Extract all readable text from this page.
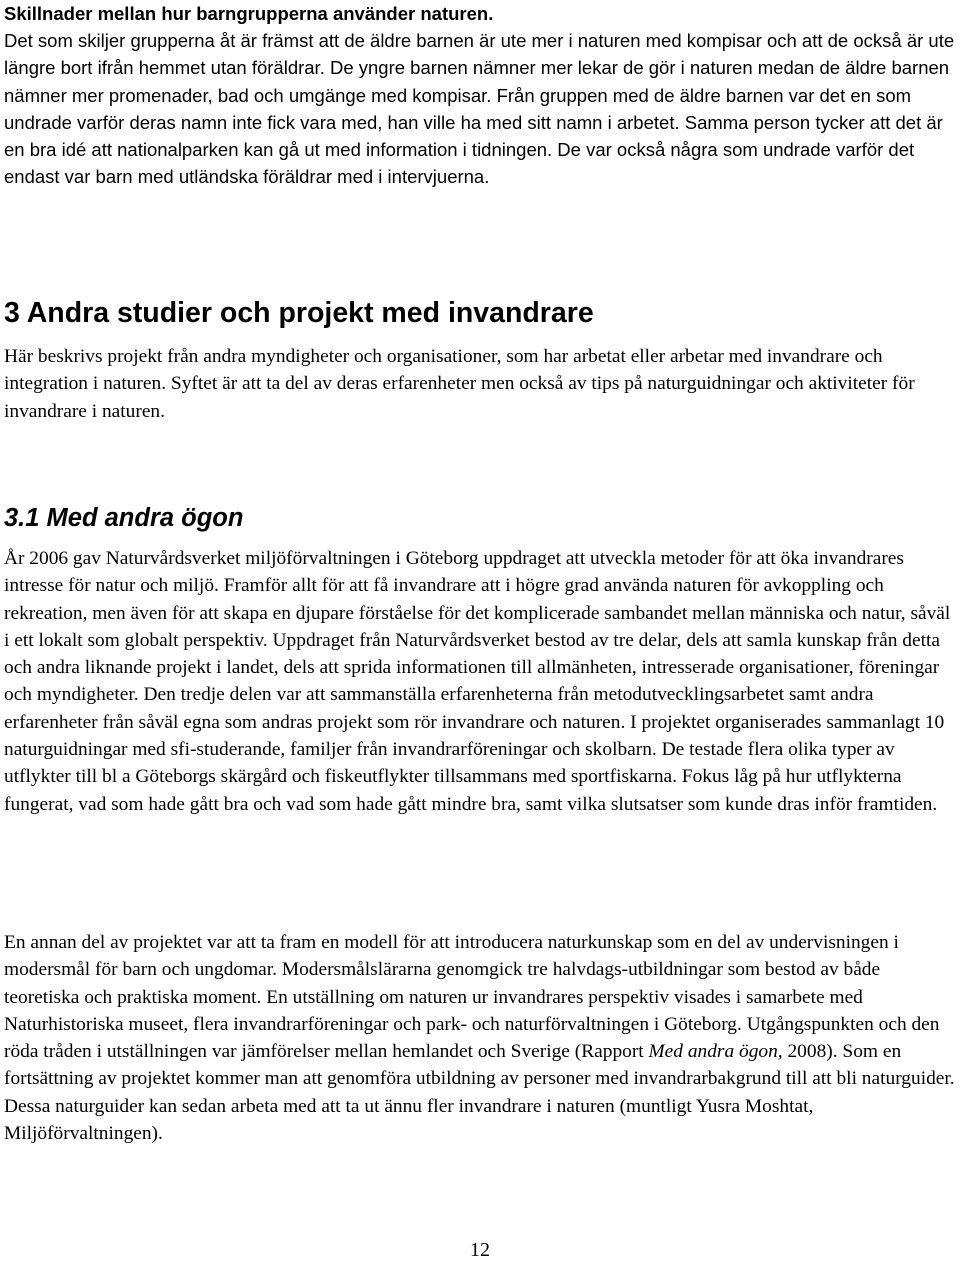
Skillnader mellan hur barngrupperna använder naturen.

Det som skiljer grupperna åt är främst att de äldre barnen är ute mer i naturen med kompisar och att de också är ute längre bort ifrån hemmet utan föräldrar. De yngre barnen nämner mer lekar de gör i naturen medan de äldre barnen nämner mer promenader, bad och umgänge med kompisar. Från gruppen med de äldre barnen var det en som undrade varför deras namn inte fick vara med, han ville ha med sitt namn i arbetet. Samma person tycker att det är en bra idé att nationalparken kan gå ut med information i tidningen. De var också några som undrade varför det endast var barn med utländska föräldrar med i intervjuerna.

3 Andra studier och projekt med invandrare

Här beskrivs projekt från andra myndigheter och organisationer, som har arbetat eller arbetar med invandrare och integration i naturen. Syftet är att ta del av deras erfarenheter men också av tips på naturguidningar och aktiviteter för invandrare i naturen.

3.1 Med andra ögon

År 2006 gav Naturvårdsverket miljöförvaltningen i Göteborg uppdraget att utveckla metoder för att öka invandrares intresse för natur och miljö. Framför allt för att få invandrare att i högre grad använda naturen för avkoppling och rekreation, men även för att skapa en djupare förståelse för det komplicerade sambandet mellan människa och natur, såväl i ett lokalt som globalt perspektiv. Uppdraget från Naturvårdsverket bestod av tre delar, dels att samla kunskap från detta och andra liknande projekt i landet, dels att sprida informationen till allmänheten, intresserade organisationer, föreningar och myndigheter. Den tredje delen var att sammanställa erfarenheterna från metodutvecklingsarbetet samt andra erfarenheter från såväl egna som andras projekt som rör invandrare och naturen. I projektet organiserades sammanlagt 10 naturguidningar med sfi-studerande, familjer från invandrarföreningar och skolbarn. De testade flera olika typer av utflykter till bl a Göteborgs skärgård och fiskeutflykter tillsammans med sportfiskarna. Fokus låg på hur utflykterna fungerat, vad som hade gått bra och vad som hade gått mindre bra, samt vilka slutsatser som kunde dras inför framtiden.

En annan del av projektet var att ta fram en modell för att introducera naturkunskap som en del av undervisningen i modersmål för barn och ungdomar. Modersmålslärarna genomgick tre halvdags-utbildningar som bestod av både teoretiska och praktiska moment. En utställning om naturen ur invandrares perspektiv visades i samarbete med Naturhistoriska museet, flera invandrarföreningar och park- och naturförvaltningen i Göteborg. Utgångspunkten och den röda tråden i utställningen var jämförelser mellan hemlandet och Sverige (Rapport Med andra ögon, 2008). Som en fortsättning av projektet kommer man att genomföra utbildning av personer med invandrarbakgrund till att bli naturguider. Dessa naturguider kan sedan arbeta med att ta ut ännu fler invandrare i naturen (muntligt Yusra Moshtat, Miljöförvaltningen).

12
